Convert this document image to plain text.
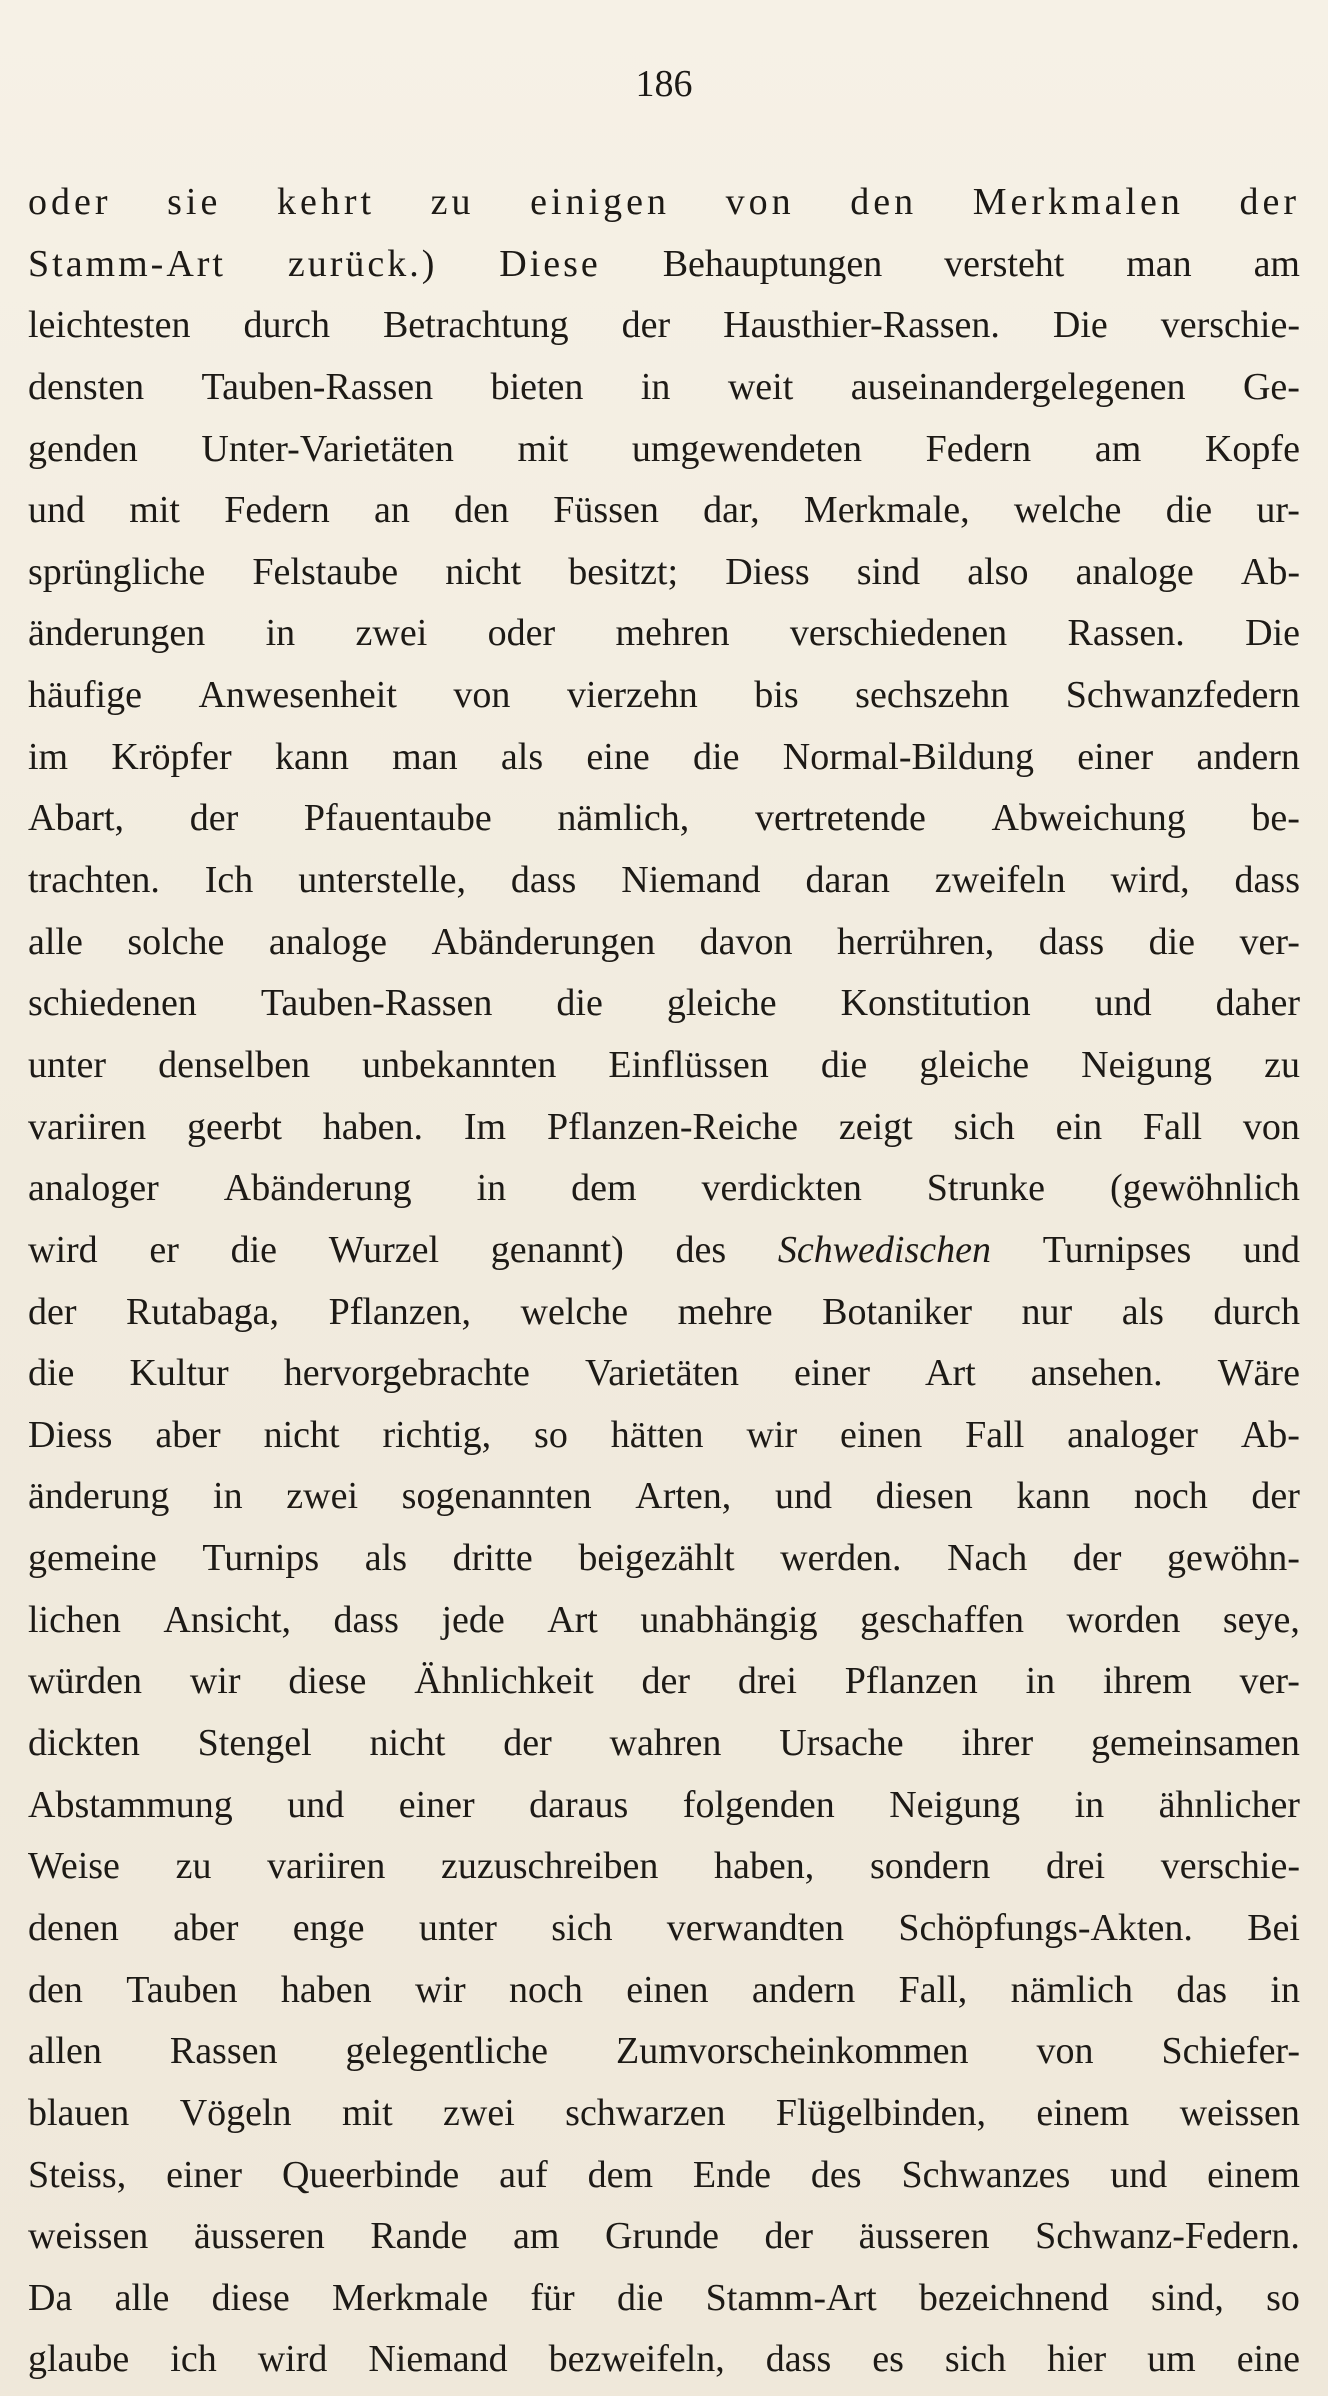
186
oder sie kehrt zu einigen von den Merkmalen der
Stamm-Art zurück.) Diese Behauptungen versteht man am
leichtesten durch Betrachtung der Hausthier-Rassen. Die verschie-
densten Tauben-Rassen bieten in weit auseinandergelegenen Ge-
genden Unter-Varietäten mit umgewendeten Federn am Kopfe
und mit Federn an den Füssen dar, Merkmale, welche die ur-
sprüngliche Felstaube nicht besitzt; Diess sind also analoge Ab-
änderungen in zwei oder mehren verschiedenen Rassen. Die
häufige Anwesenheit von vierzehn bis sechszehn Schwanzfedern
im Kröpfer kann man als eine die Normal-Bildung einer andern
Abart, der Pfauentaube nämlich, vertretende Abweichung be-
trachten. Ich unterstelle, dass Niemand daran zweifeln wird, dass
alle solche analoge Abänderungen davon herrühren, dass die ver-
schiedenen Tauben-Rassen die gleiche Konstitution und daher
unter denselben unbekannten Einflüssen die gleiche Neigung zu
variiren geerbt haben. Im Pflanzen-Reiche zeigt sich ein Fall von
analoger Abänderung in dem verdickten Strunke (gewöhnlich
wird er die Wurzel genannt) des Schwedischen Turnipses und
der Rutabaga, Pflanzen, welche mehre Botaniker nur als durch
die Kultur hervorgebrachte Varietäten einer Art ansehen. Wäre
Diess aber nicht richtig, so hätten wir einen Fall analoger Ab-
änderung in zwei sogenannten Arten, und diesen kann noch der
gemeine Turnips als dritte beigezählt werden. Nach der gewöhn-
lichen Ansicht, dass jede Art unabhängig geschaffen worden seye,
würden wir diese Ähnlichkeit der drei Pflanzen in ihrem ver-
dickten Stengel nicht der wahren Ursache ihrer gemeinsamen
Abstammung und einer daraus folgenden Neigung in ähnlicher
Weise zu variiren zuzuschreiben haben, sondern drei verschie-
denen aber enge unter sich verwandten Schöpfungs-Akten. Bei
den Tauben haben wir noch einen andern Fall, nämlich das in
allen Rassen gelegentliche Zumvorscheinkommen von Schiefer-
blauen Vögeln mit zwei schwarzen Flügelbinden, einem weissen
Steiss, einer Queerbinde auf dem Ende des Schwanzes und einem
weissen äusseren Rande am Grunde der äusseren Schwanz-Federn.
Da alle diese Merkmale für die Stamm-Art bezeichnend sind, so
glaube ich wird Niemand bezweifeln, dass es sich hier um eine
